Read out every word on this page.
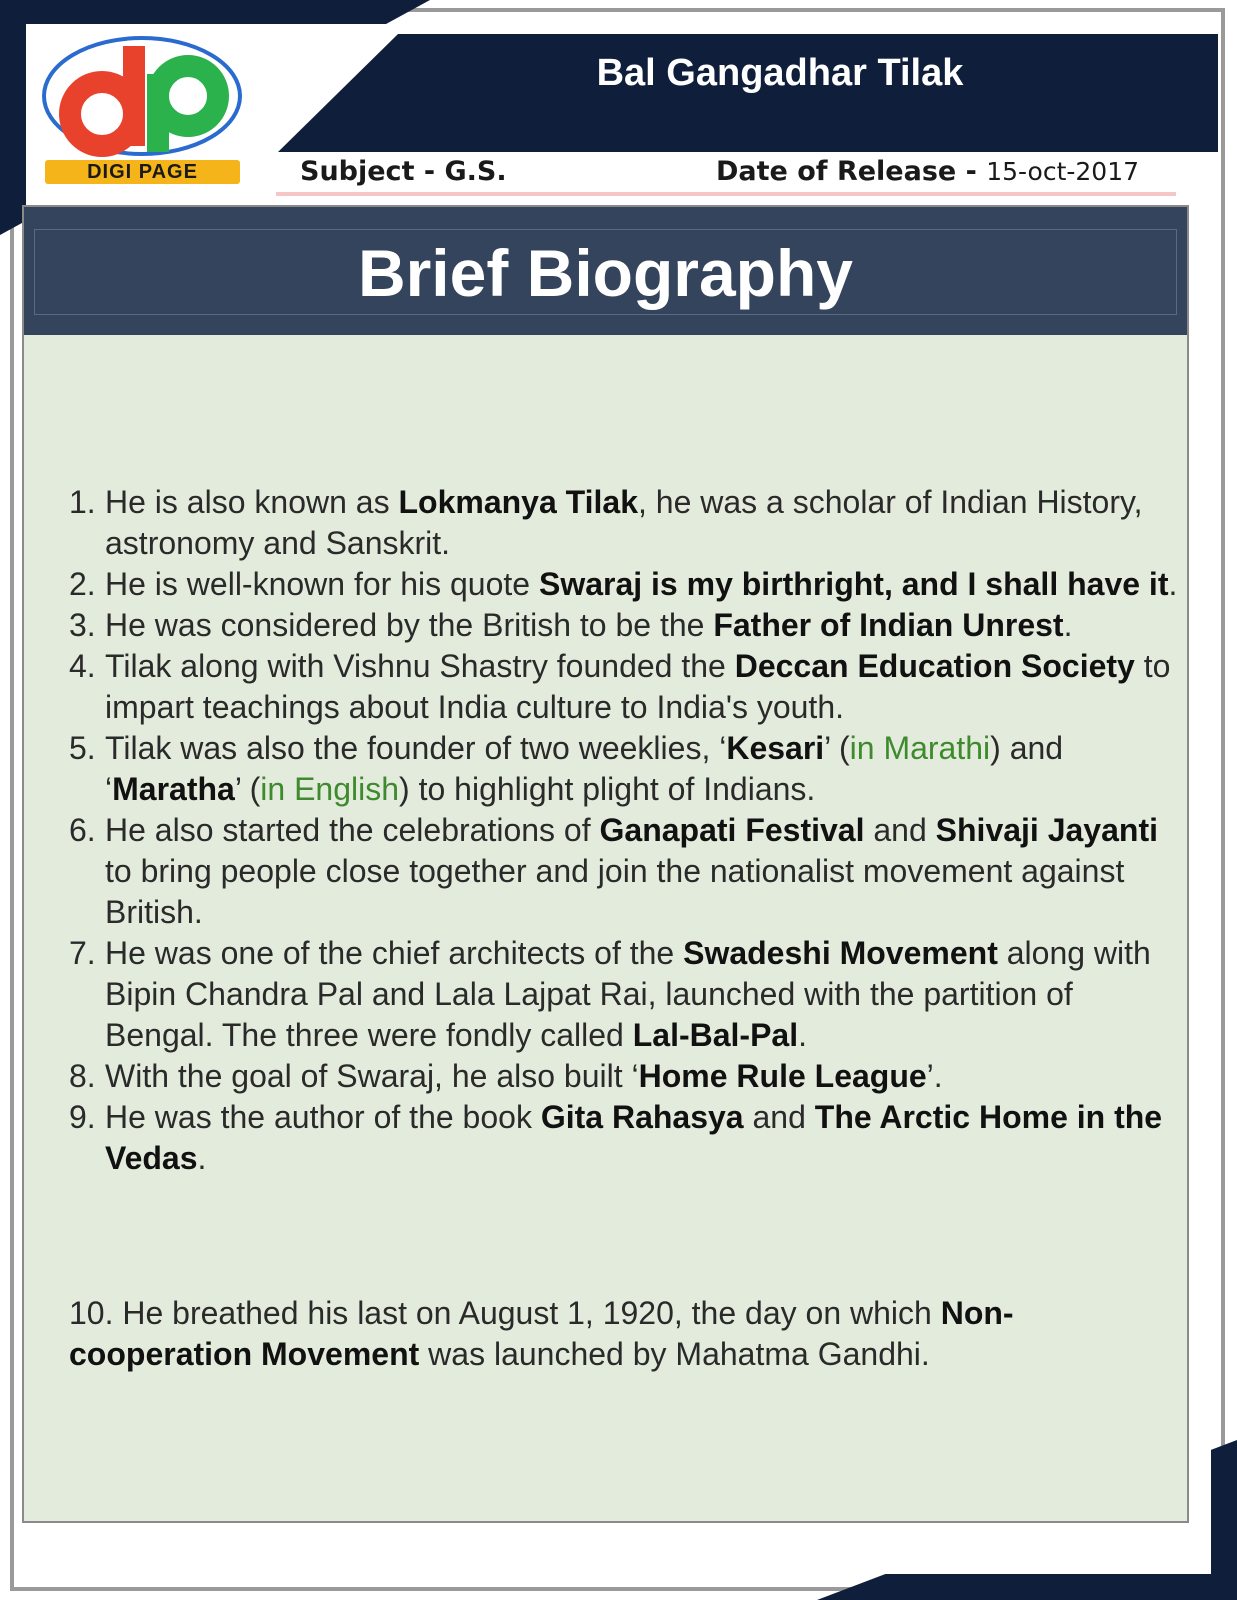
Bal Gangadhar Tilak
DIGI PAGE	Subject - G.S.	Date of Release - 15-oct-2017
Brief Biography
1. He is also known as Lokmanya Tilak, he was a scholar of Indian History, astronomy and Sanskrit.
2. He is well-known for his quote Swaraj is my birthright, and I shall have it.
3. He was considered by the British to be the Father of Indian Unrest.
4. Tilak along with Vishnu Shastry founded the Deccan Education Society to impart teachings about India culture to India's youth.
5. Tilak was also the founder of two weeklies, ‘Kesari’ (in Marathi) and ‘Maratha’ (in English) to highlight plight of Indians.
6. He also started the celebrations of Ganapati Festival and Shivaji Jayanti to bring people close together and join the nationalist movement against British.
7. He was one of the chief architects of the Swadeshi Movement along with Bipin Chandra Pal and Lala Lajpat Rai, launched with the partition of Bengal. The three were fondly called Lal-Bal-Pal.
8. With the goal of Swaraj, he also built ‘Home Rule League’.
9. He was the author of the book Gita Rahasya and The Arctic Home in the Vedas.

10. He breathed his last on August 1, 1920, the day on which Non-cooperation Movement was launched by Mahatma Gandhi.
